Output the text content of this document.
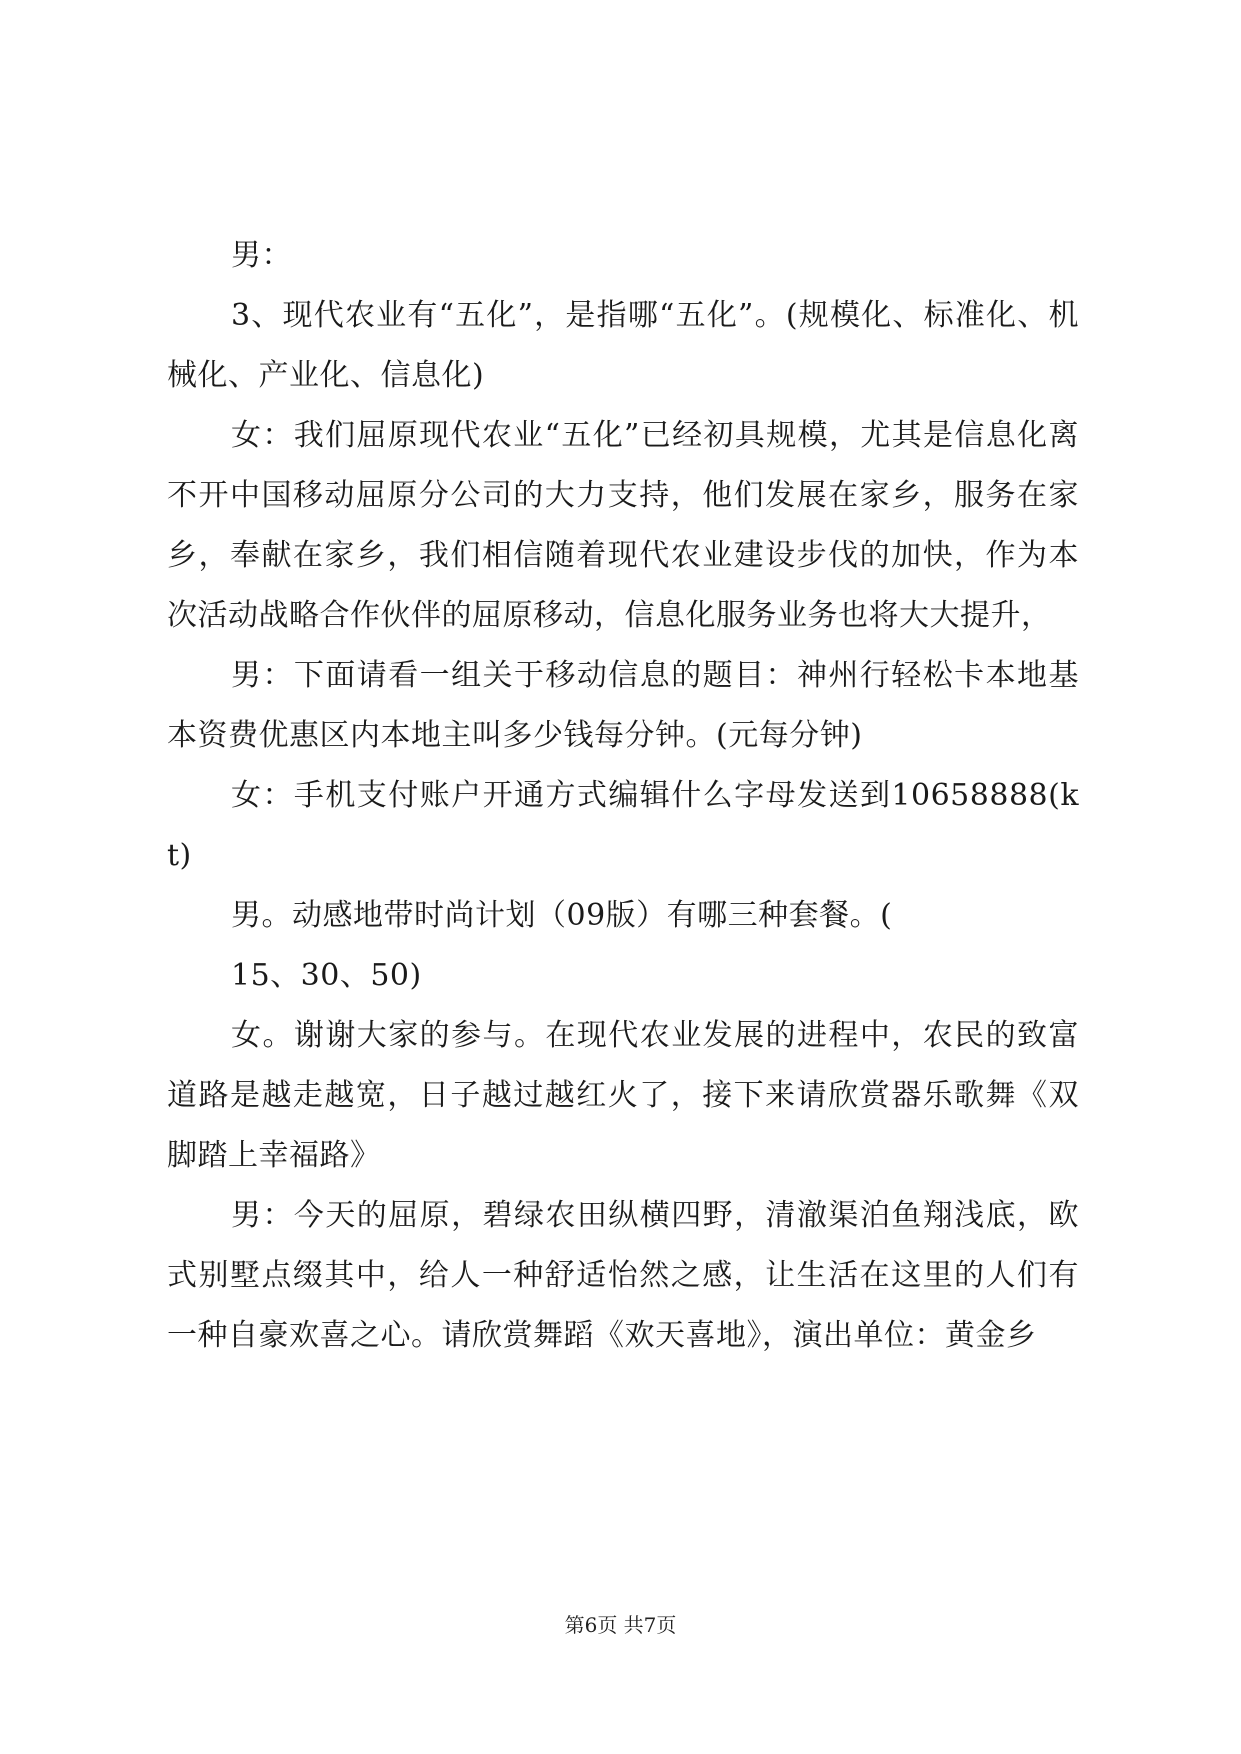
男：

3、现代农业有“五化”，是指哪“五化”。(规模化、标准化、机械化、产业化、信息化)

女：我们屈原现代农业“五化”已经初具规模，尤其是信息化离不开中国移动屈原分公司的大力支持，他们发展在家乡，服务在家乡，奉献在家乡，我们相信随着现代农业建设步伐的加快，作为本次活动战略合作伙伴的屈原移动，信息化服务业务也将大大提升，

男：下面请看一组关于移动信息的题目：神州行轻松卡本地基本资费优惠区内本地主叫多少钱每分钟。(元每分钟)

女：手机支付账户开通方式编辑什么字母发送到10658888(kt)

男。动感地带时尚计划（09版）有哪三种套餐。(

15、30、50)

女。谢谢大家的参与。在现代农业发展的进程中，农民的致富道路是越走越宽，日子越过越红火了，接下来请欣赏器乐歌舞《双脚踏上幸福路》

男：今天的屈原，碧绿农田纵横四野，清澈渠泊鱼翔浅底，欧式别墅点缀其中，给人一种舒适怡然之感，让生活在这里的人们有一种自豪欢喜之心。请欣赏舞蹈《欢天喜地》，演出单位：黄金乡

第6页 共7页
